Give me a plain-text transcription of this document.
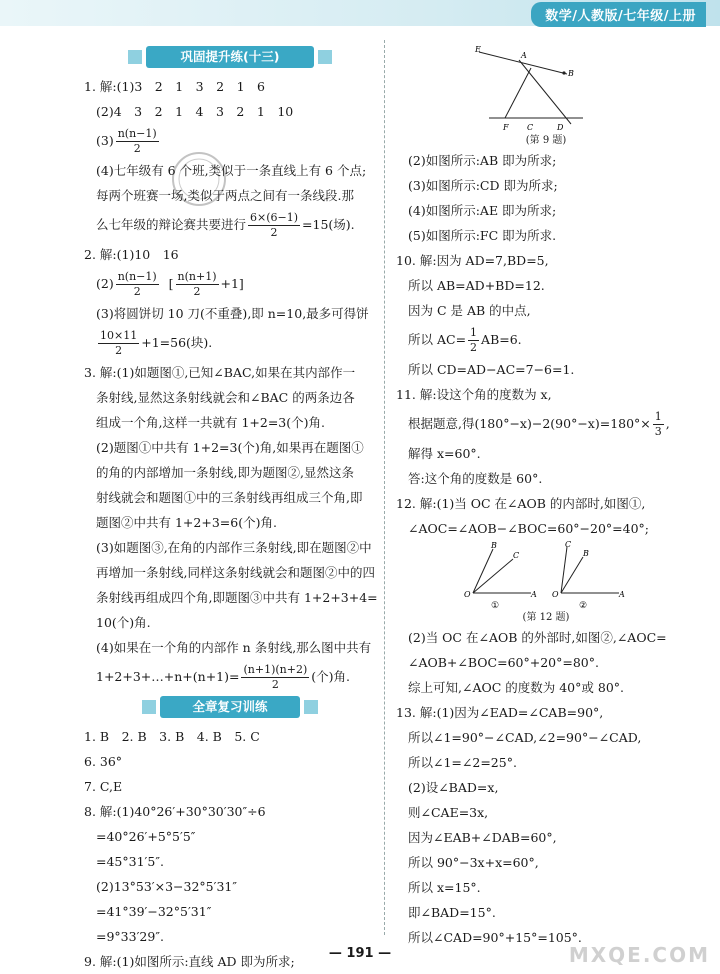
数学/人教版/七年级/上册
巩固提升练(十三)
1. 解:(1)3　2　1　3　2　1　6
(2)4　3　2　1　4　3　2　1　10
$(3) \frac{n(n-1)}{2}$
(4)七年级有 6 个班,类似于一条直线上有 6 个点;
每两个班赛一场,类似于两点之间有一条线段.那
么七年级的辩论赛共要进行 $\frac{6\times(6-1)}{2} =15$(场).
2. 解:(1)10　16
$(2) \frac{n(n-1)}{2}$ [ $\frac{n(n+1)}{2} +1$]
(3)将圆饼切 10 刀(不重叠),即 n=10,最多可得饼
$\frac{10\times 11}{2} +1=56$(块).
3. 解:(1)如题图①,已知∠BAC,如果在其内部作一
条射线,显然这条射线就会和∠BAC 的两条边各
组成一个角,这样一共就有 1+2=3(个)角.
(2)题图①中共有 1+2=3(个)角,如果再在题图①
的角的内部增加一条射线,即为题图②,显然这条
射线就会和题图①中的三条射线再组成三个角,即
题图②中共有 1+2+3=6(个)角.
(3)如题图③,在角的内部作三条射线,即在题图②中
再增加一条射线,同样这条射线就会和题图②中的四
条射线再组成四个角,即题图③中共有 1+2+3+4=
10(个)角.
(4)如果在一个角的内部作 n 条射线,那么图中共有
1+2+3+…+n+(n+1)= $\frac{(n+1)(n+2)}{2}$ (个)角.
全章复习训练
1. B　2. B　3. B　4. B　5. C
6. 36°
7. C,E
8. 解:(1)40°26′+30°30′30″÷6
=40°26′+5°5′5″
=45°31′5″.
(2)13°53′×3−32°5′31″
=41°39′−32°5′31″
=9°33′29″.
9. 解:(1)如图所示:直线 AD 即为所求;
E
A
B
F C	D
(第 9 题)
(2)如图所示:AB 即为所求;
(3)如图所示:CD 即为所求;
(4)如图所示:AE 即为所求;
(5)如图所示:FC 即为所求.
10. 解:因为 AD=7,BD=5,
所以 AB=AD+BD=12.
因为 C 是 AB 的中点,
所以 $AC= \frac{1}{2} AB=6$.
所以 CD=AD−AC=7−6=1.
11. 解:设这个角的度数为 x,
根据题意,得$(180^\circ-x)-2(90^\circ-x)=180^\circ\times \frac{1}{3}$ ,
解得 x=60°.
答:这个角的度数是 60°.
12. 解:(1)当 OC 在∠AOB 的内部时,如图①,
∠AOC=∠AOB−∠BOC=60°−20°=40°;
B
C
O	A
C
B
O	A
①	②
(第 12 题)
(2)当 OC 在∠AOB 的外部时,如图②,∠AOC=
∠AOB+∠BOC=60°+20°=80°.
综上可知,∠AOC 的度数为 40°或 80°.
13. 解:(1)因为∠EAD=∠CAB=90°,
所以∠1=90°−∠CAD,∠2=90°−∠CAD,
所以∠1=∠2=25°.
(2)设∠BAD=x,
则∠CAE=3x,
因为∠EAB+∠DAB=60°,
所以 90°−3x+x=60°,
所以 x=15°.
即∠BAD=15°.
所以∠CAD=90°+15°=105°.
— 191 —	MXQE.COM
